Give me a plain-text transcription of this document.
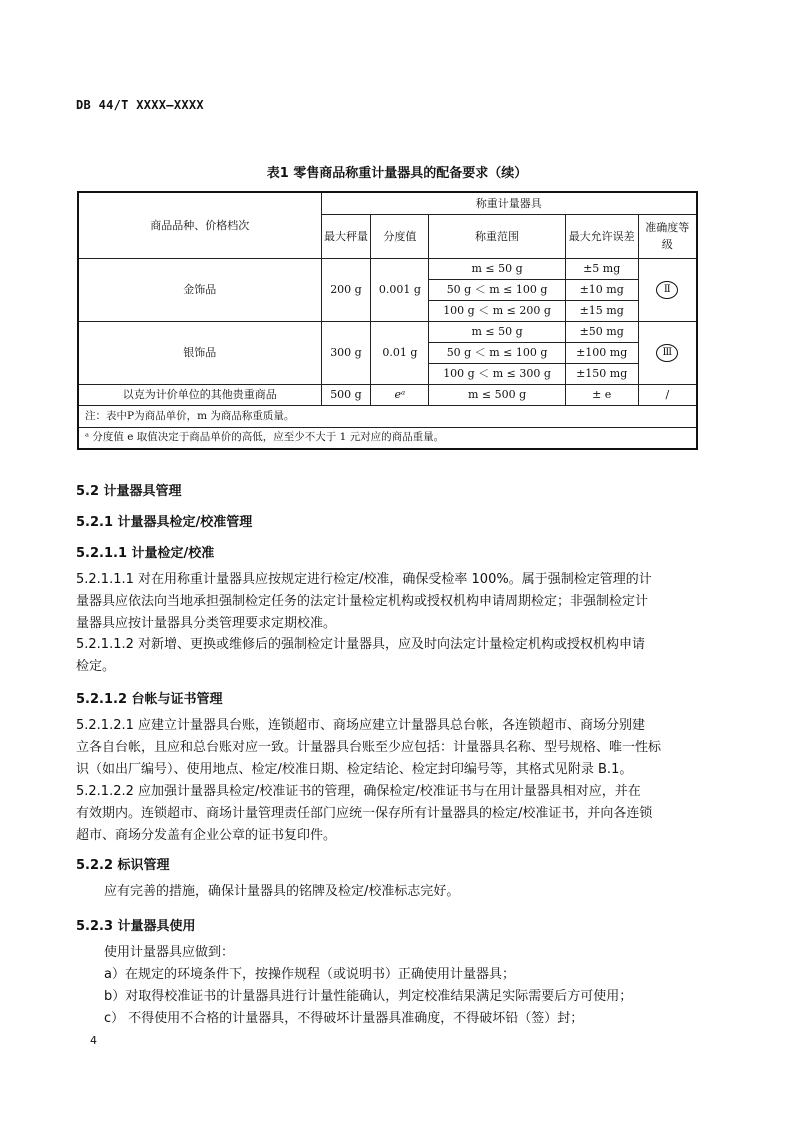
DB 44/T XXXX—XXXX
表1 零售商品称重计量器具的配备要求（续）
商品品种、价格档次	称重计量器具				
	最大秤量	分度值	称重范围	最大允许误差	准确度等级
金饰品	200 g	0.001 g	m ≤ 50 g	±5 mg	Ⅱ
			50 g ＜ m ≤ 100 g	±10 mg	
			100 g ＜ m ≤ 200 g	±15 mg	
银饰品	300 g	0.01 g	m ≤ 50 g	±50 mg	Ⅲ
			50 g ＜ m ≤ 100 g	±100 mg	
			100 g ＜ m ≤ 300 g	±150 mg	
以克为计价单位的其他贵重商品	500 g	eᵃ	m ≤ 500 g	± e	/
注：表中P为商品单价，m 为商品称重质量。					
ᵃ 分度值 e 取值决定于商品单价的高低，应至少不大于 1 元对应的商品重量。					
5.2 计量器具管理
5.2.1 计量器具检定/校准管理
5.2.1.1 计量检定/校准
5.2.1.1.1 对在用称重计量器具应按规定进行检定/校准，确保受检率 100%。属于强制检定管理的计
量器具应依法向当地承担强制检定任务的法定计量检定机构或授权机构申请周期检定；非强制检定计
量器具应按计量器具分类管理要求定期校准。
5.2.1.1.2 对新增、更换或维修后的强制检定计量器具，应及时向法定计量检定机构或授权机构申请
检定。
5.2.1.2 台帐与证书管理
5.2.1.2.1 应建立计量器具台账，连锁超市、商场应建立计量器具总台帐，各连锁超市、商场分别建
立各自台帐，且应和总台账对应一致。计量器具台账至少应包括：计量器具名称、型号规格、唯一性标
识（如出厂编号）、使用地点、检定/校准日期、检定结论、检定封印编号等，其格式见附录 B.1。
5.2.1.2.2 应加强计量器具检定/校准证书的管理，确保检定/校准证书与在用计量器具相对应，并在
有效期内。连锁超市、商场计量管理责任部门应统一保存所有计量器具的检定/校准证书，并向各连锁
超市、商场分发盖有企业公章的证书复印件。
5.2.2 标识管理
应有完善的措施，确保计量器具的铭牌及检定/校准标志完好。
5.2.3 计量器具使用
使用计量器具应做到：
a）在规定的环境条件下，按操作规程（或说明书）正确使用计量器具；
b）对取得校准证书的计量器具进行计量性能确认，判定校准结果满足实际需要后方可使用；
c） 不得使用不合格的计量器具，不得破坏计量器具准确度，不得破坏铅（签）封；
4
